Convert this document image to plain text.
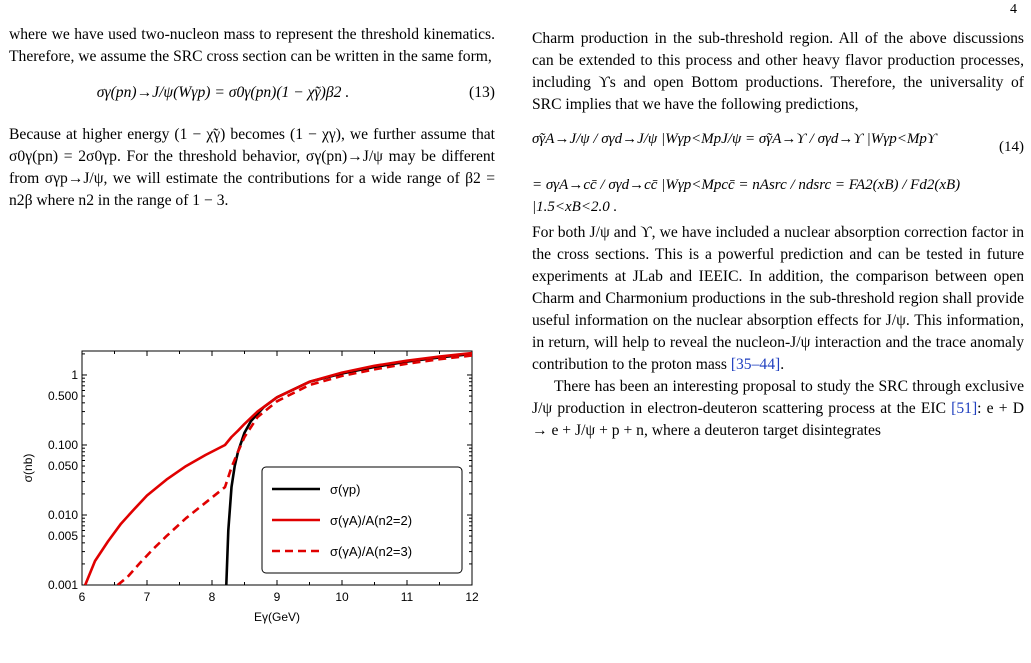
4

where we have used two-nucleon mass to represent the threshold kinematics. Therefore, we assume the SRC cross section can be written in the same form,

σγ(pn)→J/ψ(Wγp) = σ0γ(pn)(1 − χ̃γ)β2 .	(13)

Because at higher energy (1 − χ̃γ) becomes (1 − χγ), we further assume that σ0γ(pn) = 2σ0γp. For the threshold behavior, σγ(pn)→J/ψ may be different from σγp→J/ψ, we will estimate the contributions for a wide range of β2 = n2β where n2 in the range of 1 − 3.

6	7	8	9	10	11	12
0.001
0.005
0.010
0.050
0.100
0.500
1
Eγ(GeV)
σ(nb)
σ(γp)
σ(γA)/A(n2=2)
σ(γA)/A(n2=3)

Charm production in the sub-threshold region. All of the above discussions can be extended to this process and other heavy flavor production processes, including ϒs and open Bottom productions. Therefore, the universality of SRC implies that we have the following predictions,

σ̃γA→J/ψ / σγd→J/ψ |Wγp<MpJ/ψ = σ̃γA→ϒ / σγd→ϒ |Wγp<Mpϒ
= σγA→cc̄ / σγd→cc̄ |Wγp<Mpcc̄ = nAsrc / ndsrc = FA2(xB) / Fd2(xB) |1.5<xB<2.0 .
(14)

For both J/ψ and ϒ, we have included a nuclear absorption correction factor in the cross sections. This is a powerful prediction and can be tested in future experiments at JLab and IEEIC. In addition, the comparison between open Charm and Charmonium productions in the sub-threshold region shall provide useful information on the nuclear absorption effects for J/ψ. This information, in return, will help to reveal the nucleon-J/ψ interaction and the trace anomaly contribution to the proton mass [35–44].

There has been an interesting proposal to study the SRC through exclusive J/ψ production in electron-deuteron scattering process at the EIC [51]: e + D → e + J/ψ + p + n, where a deuteron target disintegrates
